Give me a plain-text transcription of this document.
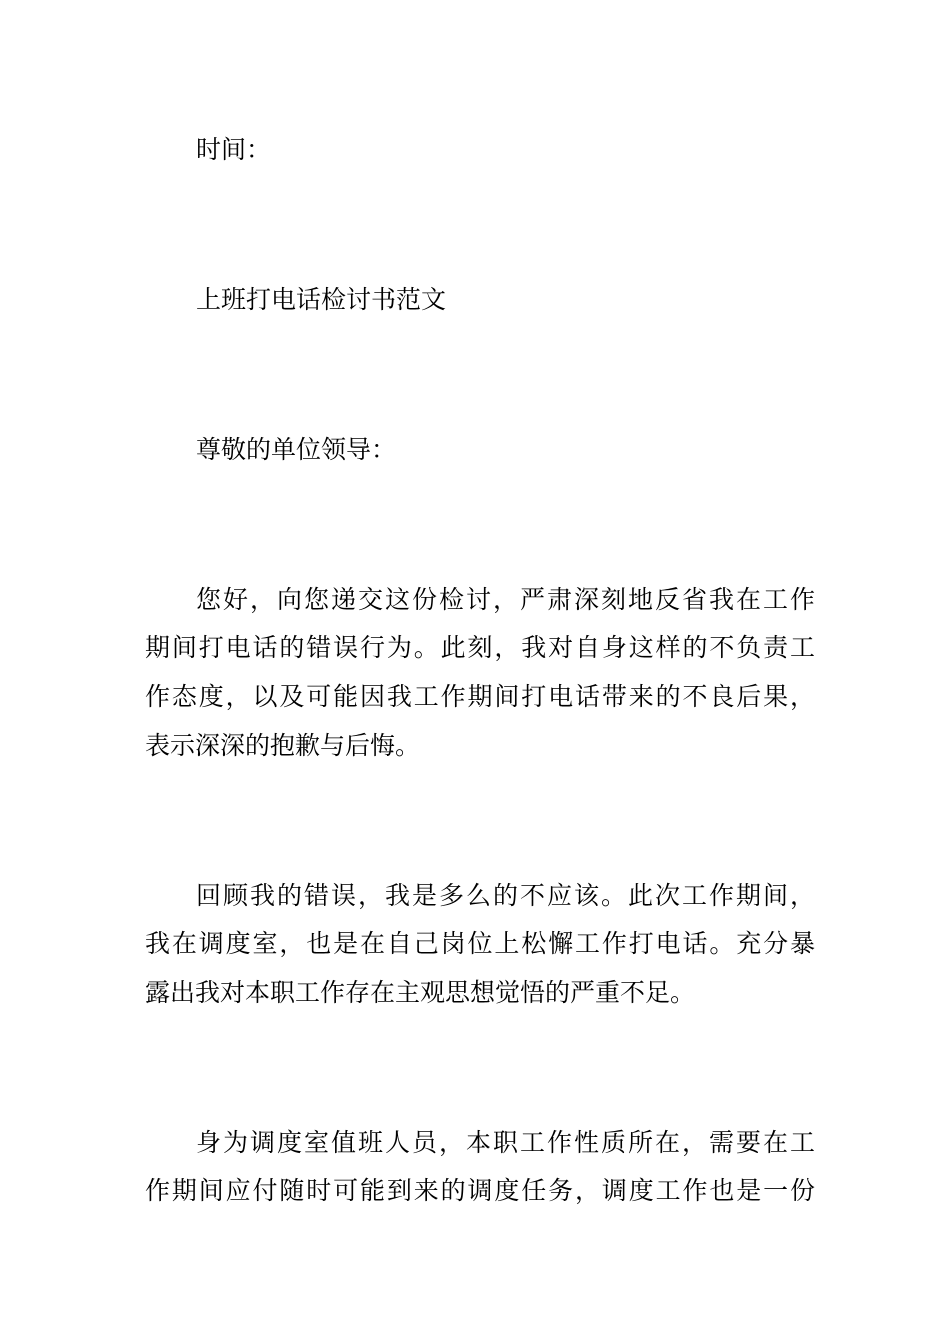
时间：
上班打电话检讨书范文
尊敬的单位领导：
您好，向您递交这份检讨，严肃深刻地反省我在工作
期间打电话的错误行为。此刻，我对自身这样的不负责工
作态度，以及可能因我工作期间打电话带来的不良后果，
表示深深的抱歉与后悔。
回顾我的错误，我是多么的不应该。此次工作期间，
我在调度室，也是在自己岗位上松懈工作打电话。充分暴
露出我对本职工作存在主观思想觉悟的严重不足。
身为调度室值班人员，本职工作性质所在，需要在工
作期间应付随时可能到来的调度任务，调度工作也是一份
